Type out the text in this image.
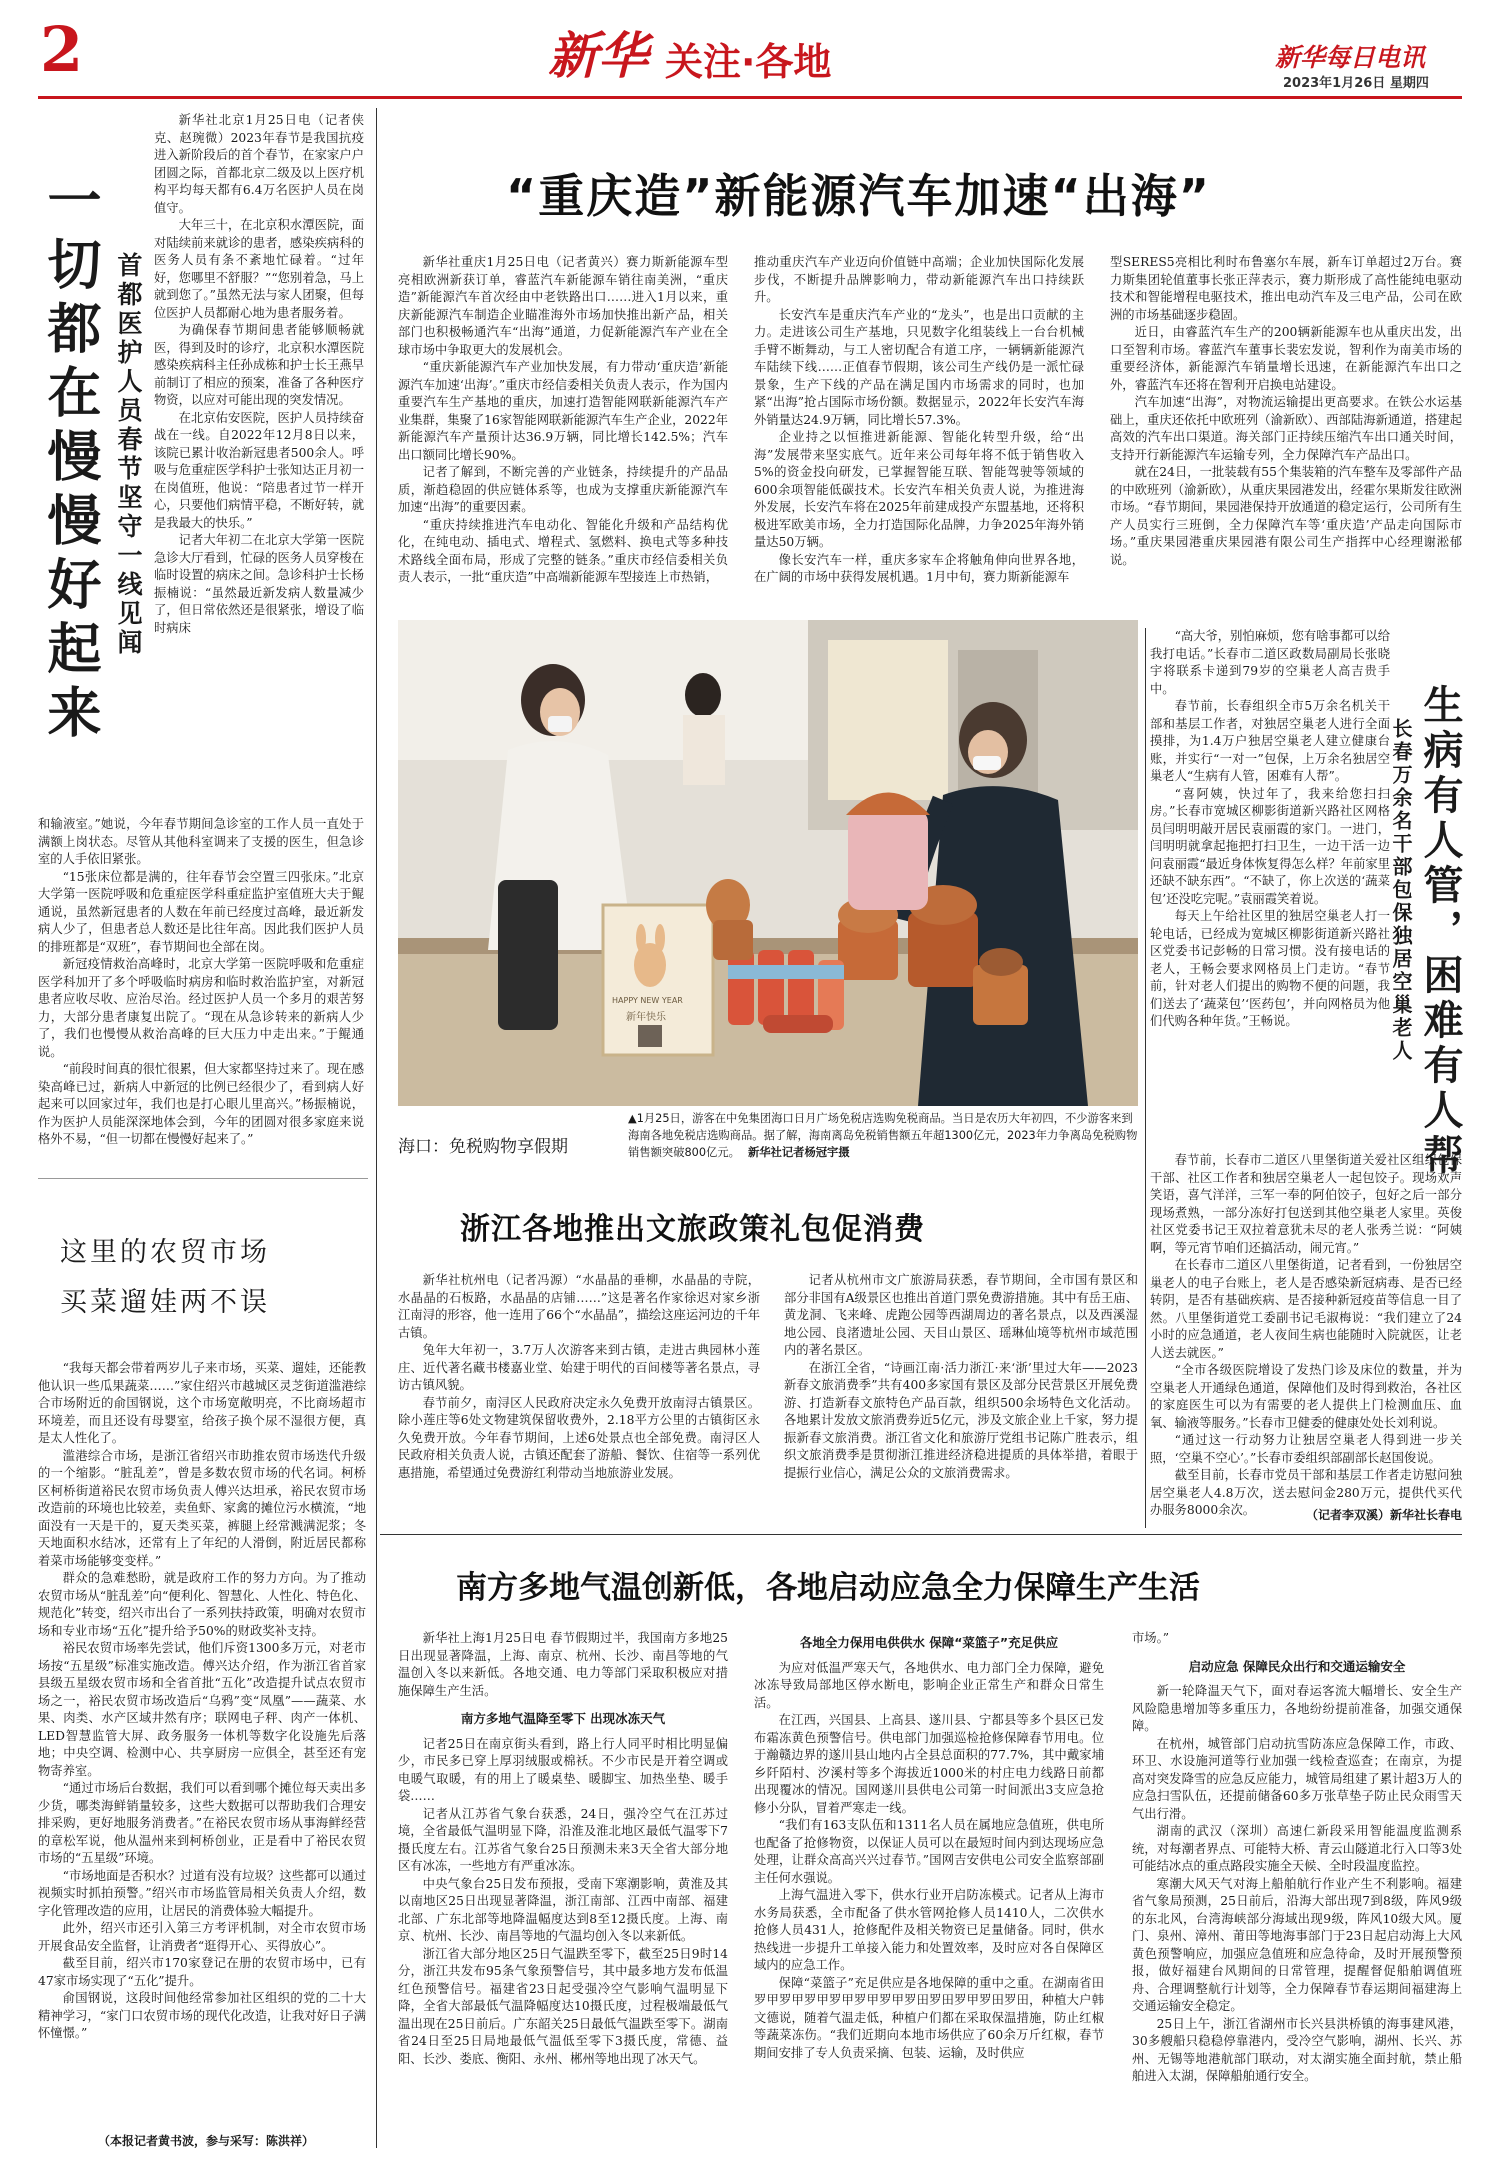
2	新华 关注·各地	新华每日电讯
2023年1月26日 星期四
一切都在慢慢好起来 首都医护人员春节坚守一线见闻

新华社北京1月25日电（记者侠克、赵琬微）2023年春节是我国抗疫进入新阶段后的首个春节，在家家户户团圆之际，首都北京二级及以上医疗机构平均每天都有6.4万名医护人员在岗值守。

大年三十，在北京积水潭医院，面对陆续前来就诊的患者，感染疾病科的医务人员有条不紊地忙碌着。“过年好，您哪里不舒服？”“您别着急，马上就到您了。”虽然无法与家人团聚，但每位医护人员都耐心地为患者服务着。

为确保春节期间患者能够顺畅就医，得到及时的诊疗，北京积水潭医院感染疾病科主任孙成栋和护士长王燕早前制订了相应的预案，准备了各种医疗物资，以应对可能出现的突发情况。

在北京佑安医院，医护人员持续奋战在一线。自2022年12月8日以来，该院已累计收治新冠患者500余人。呼吸与危重症医学科护士张知达正月初一在岗值班，他说：“陪患者过节一样开心，只要他们病情平稳，不断好转，就是我最大的快乐。”

记者大年初二在北京大学第一医院急诊大厅看到，忙碌的医务人员穿梭在临时设置的病床之间。急诊科护士长杨振楠说：“虽然最近新发病人数量减少了，但日常依然还是很紧张，增设了临时病床

和输液室。”她说，今年春节期间急诊室的工作人员一直处于满额上岗状态。尽管从其他科室调来了支援的医生，但急诊室的人手依旧紧张。

“15张床位都是满的，往年春节会空置三四张床。”北京大学第一医院呼吸和危重症医学科重症监护室值班大夫于鲲通说，虽然新冠患者的人数在年前已经度过高峰，最近新发病人少了，但患者总人数还是比往年高。因此我们医护人员的排班都是“双班”，春节期间也全部在岗。

新冠疫情救治高峰时，北京大学第一医院呼吸和危重症医学科加开了多个呼吸临时病房和临时救治监护室，对新冠患者应收尽收、应治尽治。经过医护人员一个多月的艰苦努力，大部分患者康复出院了。“现在从急诊转来的新病人少了，我们也慢慢从救治高峰的巨大压力中走出来。”于鲲通说。

“前段时间真的很忙很累，但大家都坚持过来了。现在感染高峰已过，新病人中新冠的比例已经很少了，看到病人好起来可以回家过年，我们也是打心眼儿里高兴。”杨振楠说，作为医护人员能深深地体会到，今年的团圆对很多家庭来说格外不易，“但一切都在慢慢好起来了。”

这里的农贸市场
买菜遛娃两不误

“我每天都会带着两岁儿子来市场，买菜、遛娃，还能教他认识一些瓜果蔬菜……”家住绍兴市越城区灵芝街道滥港综合市场附近的俞国钢说，这个市场宽敞明亮，不比商场超市环境差，而且还设有母婴室，给孩子换个尿不湿很方便，真是太人性化了。

滥港综合市场，是浙江省绍兴市助推农贸市场迭代升级的一个缩影。“脏乱差”，曾是多数农贸市场的代名词。柯桥区柯桥街道裕民农贸市场负责人傅兴达坦承，裕民农贸市场改造前的环境也比较差，卖鱼虾、家禽的摊位污水横流，“地面没有一天是干的，夏天类买菜，裤腿上经常溅满泥浆；冬天地面积水结冰，还常有上了年纪的人滑倒，附近居民都称着菜市场能够变变样。”

群众的急难愁盼，就是政府工作的努力方向。为了推动农贸市场从“脏乱差”向“便利化、智慧化、人性化、特色化、规范化”转变，绍兴市出台了一系列扶持政策，明确对农贸市场和专业市场“五化”提升给予50%的财政奖补支持。

裕民农贸市场率先尝试，他们斥资1300多万元，对老市场按“五星级”标准实施改造。傅兴达介绍，作为浙江省首家县级五星级农贸市场和全省首批“五化”改造提升试点农贸市场之一，裕民农贸市场改造后“乌鸦”变“凤凰”——蔬菜、水果、肉类、水产区域井然有序；联网电子秤、肉产一体机、LED智慧监管大屏、政务服务一体机等数字化设施先后落地；中央空调、检测中心、共享厨房一应俱全，甚至还有宠物寄养室。

“通过市场后台数据，我们可以看到哪个摊位每天卖出多少货，哪类海鲜销量较多，这些大数据可以帮助我们合理安排采购，更好地服务消费者。”在裕民农贸市场从事海鲜经营的章松军说，他从温州来到柯桥创业，正是看中了裕民农贸市场的“五星级”环境。

“市场地面是否积水？过道有没有垃圾？这些都可以通过视频实时抓拍预警。”绍兴市市场监管局相关负责人介绍，数字化管理改造的应用，让居民的消费体验大幅提升。

此外，绍兴市还引入第三方考评机制，对全市农贸市场开展食品安全监督，让消费者“逛得开心、买得放心”。

截至目前，绍兴市170家登记在册的农贸市场中，已有47家市场实现了“五化”提升。

俞国钢说，这段时间他经常参加社区组织的党的二十大精神学习，“家门口农贸市场的现代化改造，让我对好日子满怀憧憬。”

（本报记者黄书波，参与采写：陈洪祥）
“重庆造”新能源汽车加速“出海”

新华社重庆1月25日电（记者黄兴）赛力斯新能源车型亮相欧洲新获订单，睿蓝汽车新能源车销往南美洲，“重庆造”新能源汽车首次经由中老铁路出口……进入1月以来，重庆新能源汽车制造企业瞄准海外市场加快推出新产品，相关部门也积极畅通汽车“出海”通道，力促新能源汽车产业在全球市场中争取更大的发展机会。

“重庆新能源汽车产业加快发展，有力带动‘重庆造’新能源汽车加速‘出海’。”重庆市经信委相关负责人表示，作为国内重要汽车生产基地的重庆，加速打造智能网联新能源汽车产业集群，集聚了16家智能网联新能源汽车生产企业，2022年新能源汽车产量预计达36.9万辆，同比增长142.5%；汽车出口额同比增长90%。

记者了解到，不断完善的产业链条，持续提升的产品品质，渐趋稳固的供应链体系等，也成为支撑重庆新能源汽车加速“出海”的重要因素。

“重庆持续推进汽车电动化、智能化升级和产品结构优化，在纯电动、插电式、增程式、氢燃料、换电式等多种技术路线全面布局，形成了完整的链条。”重庆市经信委相关负责人表示，一批“重庆造”中高端新能源车型接连上市热销，

推动重庆汽车产业迈向价值链中高端；企业加快国际化发展步伐，不断提升品牌影响力，带动新能源汽车出口持续跃升。

长安汽车是重庆汽车产业的“龙头”，也是出口贡献的主力。走进该公司生产基地，只见数字化组装线上一台台机械手臂不断舞动，与工人密切配合有道工序，一辆辆新能源汽车陆续下线……正值春节假期，该公司生产线仍是一派忙碌景象，生产下线的产品在满足国内市场需求的同时，也加紧“出海”抢占国际市场份额。数据显示，2022年长安汽车海外销量达24.9万辆，同比增长57.3%。

企业持之以恒推进新能源、智能化转型升级，给“出海”发展带来坚实底气。近年来公司每年将不低于销售收入5%的资金投向研发，已掌握智能互联、智能驾驶等领域的600余项智能低碳技术。长安汽车相关负责人说，为推进海外发展，长安汽车将在2025年前建成投产东盟基地，还将积极进军欧美市场，全力打造国际化品牌，力争2025年海外销量达50万辆。

像长安汽车一样，重庆多家车企将触角伸向世界各地，在广阔的市场中获得发展机遇。1月中旬，赛力斯新能源车

型SERES5亮相比利时布鲁塞尔车展，新车订单超过2万台。赛力斯集团轮值董事长张正萍表示，赛力斯形成了高性能纯电驱动技术和智能增程电驱技术，推出电动汽车及三电产品，公司在欧洲的市场基础逐步稳固。

近日，由睿蓝汽车生产的200辆新能源车也从重庆出发，出口至智利市场。睿蓝汽车董事长裴宏发说，智利作为南美市场的重要经济体，新能源汽车销量增长迅速，在新能源汽车出口之外，睿蓝汽车还将在智利开启换电站建设。

汽车加速“出海”，对物流运输提出更高要求。在铁公水运基础上，重庆还依托中欧班列（渝新欧）、西部陆海新通道，搭建起高效的汽车出口渠道。海关部门正持续压缩汽车出口通关时间，支持开行新能源汽车运输专列，全力保障汽车产品出口。

就在24日，一批装载有55个集装箱的汽车整车及零部件产品的中欧班列（渝新欧），从重庆果园港发出，经霍尔果斯发往欧洲市场。“春节期间，果园港保持开放通道的稳定运行，公司所有生产人员实行三班倒，全力保障汽车等‘重庆造’产品走向国际市场。”重庆果园港重庆果园港有限公司生产指挥中心经理谢淞郁说。

HAPPY NEW YEAR
新年快乐
海口：免税购物享假期
▲1月25日，游客在中免集团海口日月广场免税店选购免税商品。当日是农历大年初四，不少游客来到海南各地免税店选购商品。据了解，海南离岛免税销售额五年超1300亿元，2023年力争离岛免税购物销售额突破800亿元。 新华社记者杨冠宇摄

“高大爷，别怕麻烦，您有啥事都可以给我打电话。”长春市二道区政数局副局长张晓宇将联系卡递到79岁的空巢老人高吉贵手中。

春节前，长春组织全市5万余名机关干部和基层工作者，对独居空巢老人进行全面摸排，为1.4万户独居空巢老人建立健康台账，并实行“一对一”包保，上万余名独居空巢老人“生病有人管，困难有人帮”。

“喜阿姨，快过年了，我来给您扫扫房。”长春市宽城区柳影街道新兴路社区网格员闫明明敲开居民袁丽霞的家门。一进门，闫明明就拿起拖把打扫卫生，一边干活一边问袁丽霞“最近身体恢复得怎么样？年前家里还缺不缺东西”。“不缺了，你上次送的‘蔬菜包’还没吃完呢。”袁丽霞笑着说。

每天上午给社区里的独居空巢老人打一轮电话，已经成为宽城区柳影街道新兴路社区党委书记彭畅的日常习惯。没有接电话的老人，王畅会要求网格员上门走访。“春节前，针对老人们提出的购物不便的问题，我们送去了‘蔬菜包’‘医药包’，并向网格员为他们代购各种年货。”王畅说。	生病有人管，困难有人帮
长春万余名干部包保独居空巢老人

春节前，长春市二道区八里堡街道关爱社区组织包保干部、社区工作者和独居空巢老人一起包饺子。现场欢声笑语，喜气洋洋，三军一奉的阿伯饺子，包好之后一部分现场煮熟，一部分冻好打包送到其他空巢老人家里。英俊社区党委书记王双拉着意犹未尽的老人张秀兰说：“阿姨啊，等元宵节咱们还搞活动，闹元宵。”

在长春市二道区八里堡街道，记者看到，一份独居空巢老人的电子台账上，老人是否感染新冠病毒、是否已经转阴，是否有基础疾病、是否接种新冠疫苗等信息一目了然。八里堡街道党工委副书记毛淑梅说：“我们建立了24小时的应急通道，老人夜间生病也能随时入院就医，让老人送去就医。”

“全市各级医院增设了发热门诊及床位的数量，并为空巢老人开通绿色通道，保障他们及时得到救治，各社区的家庭医生可以为有需要的老人提供上门检测血压、血氧、输液等服务。”长春市卫健委的健康处处长刘利说。

“通过这一行动努力让独居空巢老人得到进一步关照，‘空巢不空心’。”长春市委组织部副部长赵国俊说。

截至目前，长春市党员干部和基层工作者走访慰问独居空巢老人4.8万次，送去慰问金280万元，提供代买代办服务8000余次。	（记者李双溪）新华社长春电
浙江各地推出文旅政策礼包促消费

新华社杭州电（记者冯源）“水晶晶的垂柳，水晶晶的寺院，水晶晶的石板路，水晶晶的店铺……”这是著名作家徐迟对家乡浙江南浔的形容，他一连用了66个“水晶晶”，描绘这座运河边的千年古镇。

兔年大年初一，3.7万人次游客来到古镇，走进古典园林小莲庄、近代著名藏书楼嘉业堂、始建于明代的百间楼等著名景点，寻访古镇风貌。

春节前夕，南浔区人民政府决定永久免费开放南浔古镇景区。除小莲庄等6处文物建筑保留收费外，2.18平方公里的古镇街区永久免费开放。今年春节期间，上述6处景点也全部免费。南浔区人民政府相关负责人说，古镇还配套了游船、餐饮、住宿等一系列优惠措施，希望通过免费游红利带动当地旅游业发展。

记者从杭州市文广旅游局获悉，春节期间，全市国有景区和部分非国有A级景区也推出首道门票免费游措施。其中有岳王庙、黄龙洞、飞来峰、虎跑公园等西湖周边的著名景点，以及西溪湿地公园、良渚遗址公园、天目山景区、瑶琳仙境等杭州市域范围内的著名景区。

在浙江全省，“诗画江南·活力浙江·来‘浙’里过大年——2023新春文旅消费季”共有400多家国有景区及部分民营景区开展免费游、打造新春文旅特色产品百款，组织500余场特色文化活动。各地累计发放文旅消费券近5亿元，涉及文旅企业上千家，努力提振新春文旅消费。浙江省文化和旅游厅党组书记陈广胜表示，组织文旅消费季是贯彻浙江推进经济稳进提质的具体举措，着眼于提振行业信心，满足公众的文旅消费需求。

南方多地气温创新低，各地启动应急全力保障生产生活

新华社上海1月25日电 春节假期过半，我国南方多地25日出现显著降温，上海、南京、杭州、长沙、南昌等地的气温创入冬以来新低。各地交通、电力等部门采取积极应对措施保障生产生活。

南方多地气温降至零下 出现冰冻天气

记者25日在南京街头看到，路上行人同平时相比明显偏少，市民多已穿上厚羽绒服或棉袄。不少市民是开着空调或电暖气取暖，有的用上了暖桌垫、暖脚宝、加热坐垫、暖手袋……

记者从江苏省气象台获悉，24日，强冷空气在江苏过境，全省最低气温明显下降，沿淮及淮北地区最低气温零下7摄氏度左右。江苏省气象台25日预测未来3天全省大部分地区有冰冻，一些地方有严重冰冻。

中央气象台25日发布预报，受南下寒潮影响，黄淮及其以南地区25日出现显著降温，浙江南部、江西中南部、福建北部、广东北部等地降温幅度达到8至12摄氏度。上海、南京、杭州、长沙、南昌等地的气温均创入冬以来新低。

浙江省大部分地区25日气温跌至零下，截至25日9时14分，浙江共发布95条气象预警信号，其中最多地方发布低温红色预警信号。福建省23日起受强冷空气影响气温明显下降，全省大部最低气温降幅度达10摄氏度，过程极端最低气温出现在25日前后。广东韶关25日最低气温跌至零下。湖南省24日至25日局地最低气温低至零下3摄氏度，常德、益阳、长沙、娄底、衡阳、永州、郴州等地出现了冰天气。

各地全力保用电供供水 保障“菜篮子”充足供应

为应对低温严寒天气，各地供水、电力部门全力保障，避免冰冻导致局部地区停水断电，影响企业正常生产和群众日常生活。

在江西，兴国县、上高县、遂川县、宁都县等多个县区已发布霜冻黄色预警信号。供电部门加强巡检抢修保障春节用电。位于瀚赣边界的遂川县山地内占全县总面积的77.7%，其中戴家埔乡阡陌村、汐溪村等多个海拔近1000米的村庄电力线路日前都出现覆冰的情况。国网遂川县供电公司第一时间派出3支应急抢修小分队，冒着严寒走一线。

“我们有163支队伍和1311名人员在属地应急值班，供电所也配备了抢修物资，以保证人员可以在最短时间内到达现场应急处理，让群众高高兴兴过春节。”国网吉安供电公司安全监察部副主任何水强说。

上海气温进入零下，供水行业开启防冻模式。记者从上海市水务局获悉，全市配备了供水管网抢修人员1410人，二次供水抢修人员431人，抢修配件及相关物资已足量储备。同时，供水热线进一步提升工单接入能力和处置效率，及时应对各自保障区域内的应急工作。

保障“菜篮子”充足供应是各地保障的重中之重。在湖南省田罗甲罗甲罗甲罗甲罗甲罗甲罗田罗田罗甲罗田罗田，种植大户韩文德说，随着气温走低，种植户们都在采取保温措施，防止红椒等蔬菜冻伤。“我们近期向本地市场供应了60余万斤红椒，春节期间安排了专人负责采摘、包装、运输，及时供应

市场。”

启动应急 保障民众出行和交通运输安全

新一轮降温天气下，面对春运客流大幅增长、安全生产风险隐患增加等多重压力，各地纷纷提前准备，加强交通保障。

在杭州，城管部门启动抗雪防冻应急保障工作，市政、环卫、水设施河道等行业加强一线检查巡查；在南京，为提高对突发降雪的应急反应能力，城管局组建了累计超3万人的应急扫雪队伍，还提前储备60多万张草垫子防止民众雨雪天气出行滑。

湖南的武汉（深圳）高速仁新段采用智能温度监测系统，对每潮者界点、可能特大桥、青云山隧道北行入口等3处可能结冰点的重点路段实施全天候、全时段温度监控。

寒潮大风天气对海上船舶航行作业产生不利影响。福建省气象局预测，25日前后，沿海大部出现7到8级，阵风9级的东北风，台湾海峡部分海域出现9级，阵风10级大风。厦门、泉州、漳州、莆田等地海事部门于23日起启动海上大风黄色预警响应，加强应急值班和应急待命，及时开展预警预报，做好福建台风期间的日常管理，提醒督促船舶调值班舟、合理调整航行计划等，全力保障春节春运期间福建海上交通运输安全稳定。

25日上午，浙江省湖州市长兴县洪桥镇的海事建风港，30多艘船只稳稳停靠港内，受冷空气影响，湖州、长兴、苏州、无锡等地港航部门联动，对太湖实施全面封航，禁止船舶进入太湖，保障船舶通行安全。
